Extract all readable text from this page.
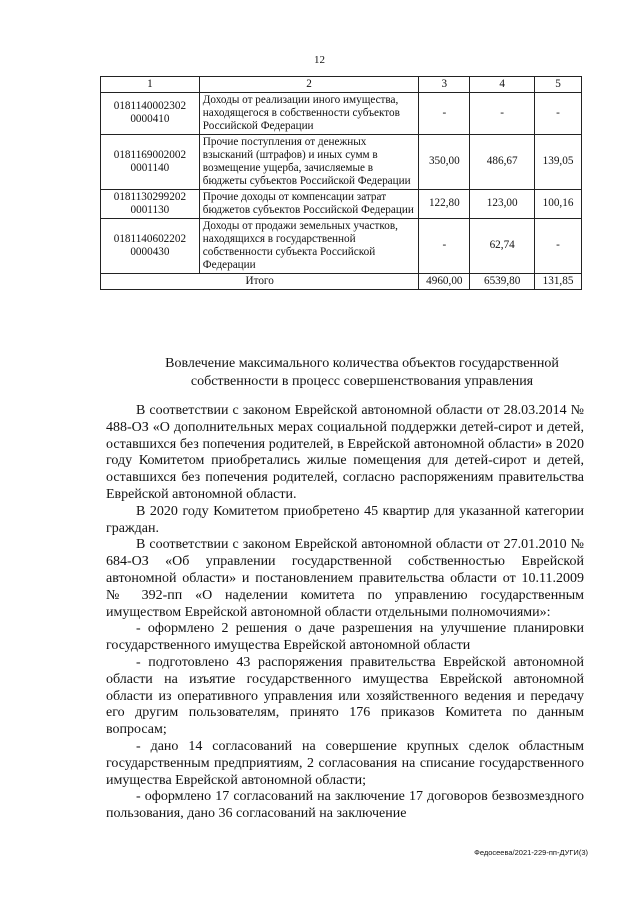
12
1	2	3	4	5
0181140002302 0000410	Доходы от реализации иного имущества, находящегося в собственности субъектов Российской Федерации	-	-	-
0181169002002 0001140	Прочие поступления от денежных взысканий (штрафов) и иных сумм в возмещение ущерба, зачисляемые в бюджеты субъектов Российской Федерации	350,00	486,67	139,05
0181130299202 0001130	Прочие доходы от компенсации затрат бюджетов субъектов Российской Федерации	122,80	123,00	100,16
0181140602202 0000430	Доходы от продажи земельных участков, находящихся в государственной собственности субъекта Российской Федерации	-	62,74	-
Итого		4960,00	6539,80	131,85
Вовлечение максимального количества объектов государственной собственности в процесс совершенствования управления

В соответствии с законом Еврейской автономной области от 28.03.2014 № 488-ОЗ «О дополнительных мерах социальной поддержки детей-сирот и детей, оставшихся без попечения родителей, в Еврейской автономной области» в 2020 году Комитетом приобретались жилые помещения для детей-сирот и детей, оставшихся без попечения родителей, согласно распоряжениям правительства Еврейской автономной области.

В 2020 году Комитетом приобретено 45 квартир для указанной категории граждан.

В соответствии с законом Еврейской автономной области от 27.01.2010 № 684-ОЗ «Об управлении государственной собственностью Еврейской автономной области» и постановлением правительства области от 10.11.2009 № 392-пп «О наделении комитета по управлению государственным имуществом Еврейской автономной области отдельными полномочиями»:

- оформлено 2 решения о даче разрешения на улучшение планировки государственного имущества Еврейской автономной области

- подготовлено 43 распоряжения правительства Еврейской автономной области на изъятие государственного имущества Еврейской автономной области из оперативного управления или хозяйственного ведения и передачу его другим пользователям, принято 176 приказов Комитета по данным вопросам;

- дано 14 согласований на совершение крупных сделок областным государственным предприятиям, 2 согласования на списание государственного имущества Еврейской автономной области;

- оформлено 17 согласований на заключение 17 договоров безвозмездного пользования, дано 36 согласований на заключение

Федосеева/2021-229-пп-ДУГИ(3)
